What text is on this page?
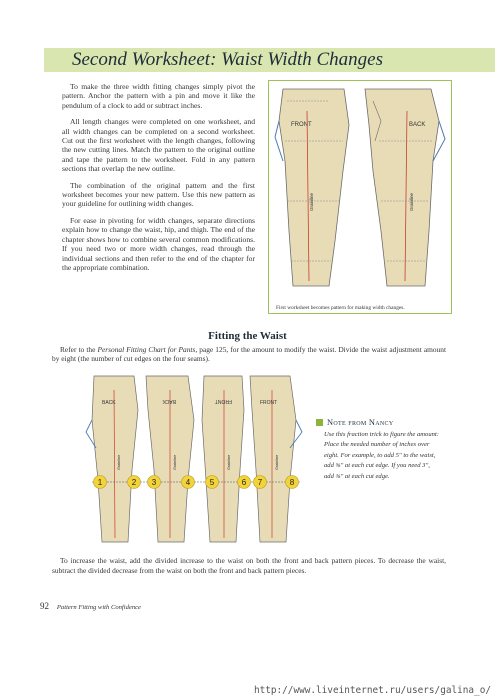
Second Worksheet: Waist Width Changes

To make the three width fitting changes simply pivot the pattern. Anchor the pattern with a pin and move it like the pendulum of a clock to add or subtract inches.

All length changes were completed on one worksheet, and all width changes can be completed on a second worksheet. Cut out the first worksheet with the length changes, following the new cutting lines. Match the pattern to the original outline and tape the pattern to the worksheet. Fold in any pattern sections that overlap the new outline.

The combination of the original pattern and the first worksheet becomes your new pattern. Use this new pattern as your guideline for outlining width changes.

For ease in pivoting for width changes, separate directions explain how to change the waist, hip, and thigh. The end of the chapter shows how to combine several common modifications. If you need two or more width changes, read through the individual sections and then refer to the end of the chapter for the appropriate combination.

FRONT
Grainline
BACK
Grainline
First worksheet becomes pattern for making width changes.
Fitting the Waist
Refer to the Personal Fitting Chart for Pants, page 125, for the amount to modify the waist. Divide the waist adjustment amount by eight (the number of cut edges on the four seams).
BACK
Grainline
BACK
Grainline
FRONT
Grainline
FRONT
Grainline
1	2 3	4 5	6 7	8
Note from Nancy
Use this fraction trick to figure the amount: Place the needed number of inches over eight. For example, to add 5" to the waist, add ⅝" at each cut edge. If you need 3", add ⅜" at each cut edge.
To increase the waist, add the divided increase to the waist on both the front and back pattern pieces. To decrease the waist, subtract the divided decrease from the waist on both the front and back pattern pieces.
92 Pattern Fitting with Confidence
http://www.liveinternet.ru/users/galina_o/
